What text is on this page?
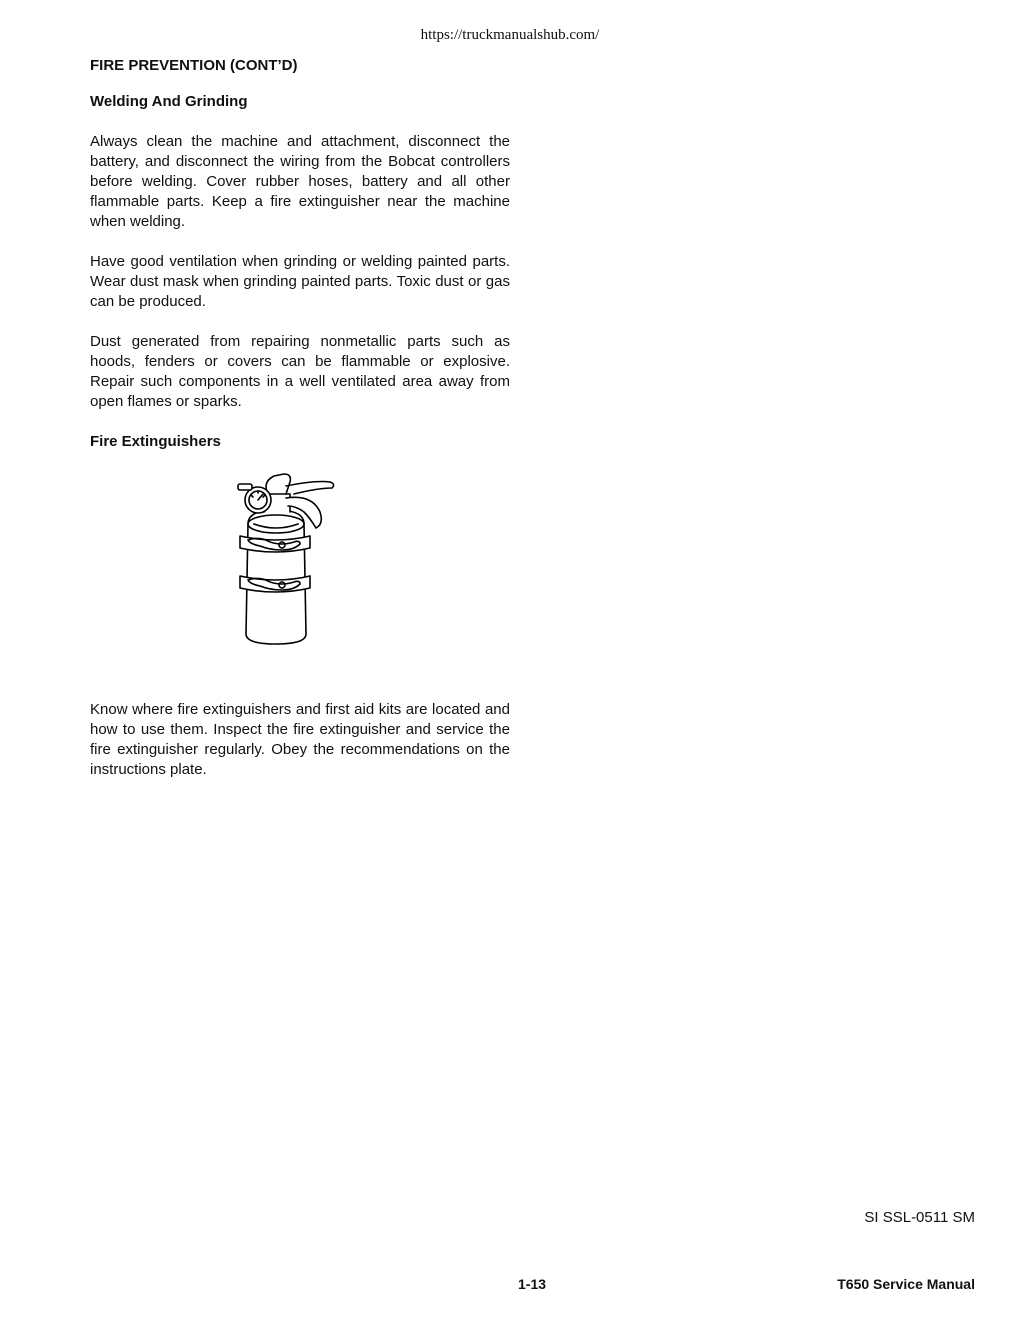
https://truckmanualshub.com/
FIRE PREVENTION (CONT’D)
Welding And Grinding

Always clean the machine and attachment, disconnect the battery, and disconnect the wiring from the Bobcat controllers before welding. Cover rubber hoses, battery and all other flammable parts. Keep a fire extinguisher near the machine when welding.

Have good ventilation when grinding or welding painted parts. Wear dust mask when grinding painted parts. Toxic dust or gas can be produced.

Dust generated from repairing nonmetallic parts such as hoods, fenders or covers can be flammable or explosive. Repair such components in a well ventilated area away from open flames or sparks.

Fire Extinguishers

Know where fire extinguishers and first aid kits are located and how to use them. Inspect the fire extinguisher and service the fire extinguisher regularly. Obey the recommendations on the instructions plate.

SI SSL-0511 SM
1-13	T650 Service Manual
